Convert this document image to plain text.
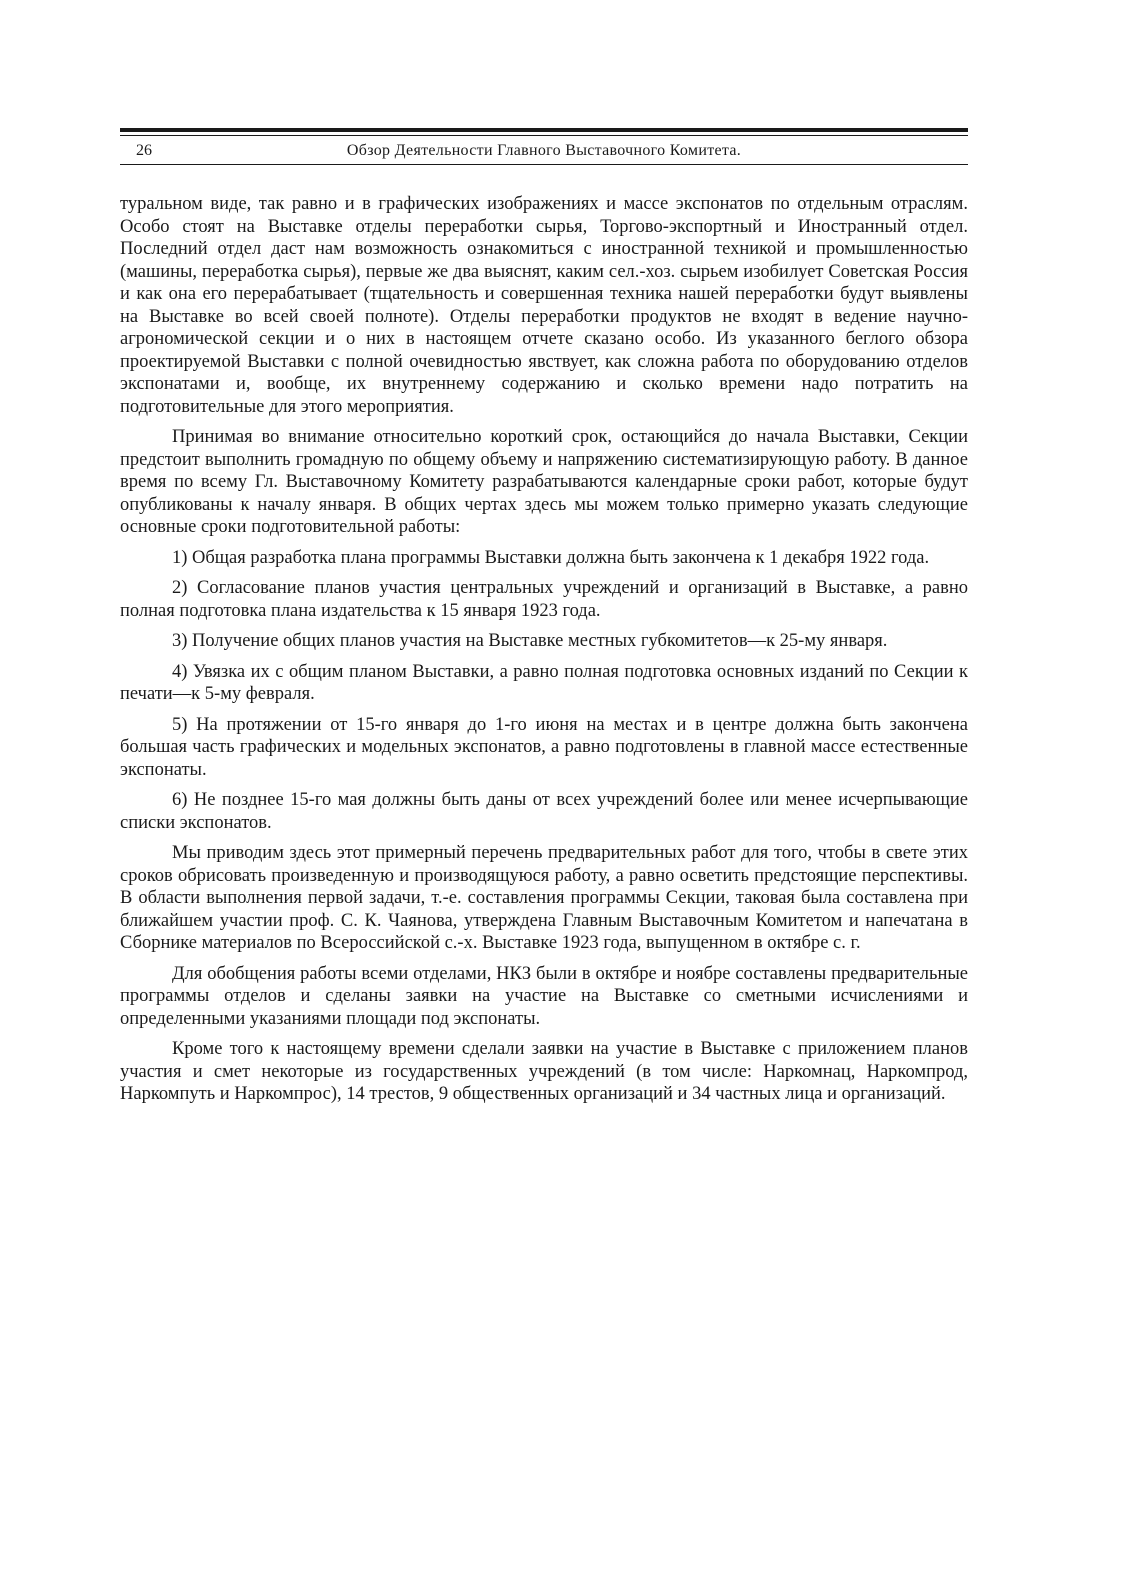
26	Обзор Деятельности Главного Выставочного Комитета.

туральном виде, так равно и в графических изображениях и массе экспонатов по отдельным отраслям. Особо стоят на Выставке отделы переработки сырья, Торгово-экспортный и Иностранный отдел. Последний отдел даст нам возможность ознакомиться с иностранной техникой и промышленностью (машины, переработка сырья), первые же два выяснят, каким сел.-хоз. сырьем изобилует Советская Россия и как она его перерабатывает (тщательность и совершенная техника нашей переработки будут выявлены на Выставке во всей своей полноте). Отделы переработки продуктов не входят в ведение научно-агрономической секции и о них в настоящем отчете сказано особо. Из указанного беглого обзора проектируемой Выставки с полной очевидностью явствует, как сложна работа по оборудованию отделов экспонатами и, вообще, их внутреннему содержанию и сколько времени надо потратить на подготовительные для этого мероприятия.

Принимая во внимание относительно короткий срок, остающийся до начала Выставки, Секции предстоит выполнить громадную по общему объему и напряжению систематизирующую работу. В данное время по всему Гл. Выставочному Комитету разрабатываются календарные сроки работ, которые будут опубликованы к началу января. В общих чертах здесь мы можем только примерно указать следующие основные сроки подготовительной работы:

1) Общая разработка плана программы Выставки должна быть закончена к 1 декабря 1922 года.

2) Согласование планов участия центральных учреждений и организаций в Выставке, а равно полная подготовка плана издательства к 15 января 1923 года.

3) Получение общих планов участия на Выставке местных губкомитетов—к 25-му января.

4) Увязка их с общим планом Выставки, а равно полная подготовка основных изданий по Секции к печати—к 5-му февраля.

5) На протяжении от 15-го января до 1-го июня на местах и в центре должна быть закончена большая часть графических и модельных экспонатов, а равно подготовлены в главной массе естественные экспонаты.

6) Не позднее 15-го мая должны быть даны от всех учреждений более или менее исчерпывающие списки экспонатов.

Мы приводим здесь этот примерный перечень предварительных работ для того, чтобы в свете этих сроков обрисовать произведенную и производящуюся работу, а равно осветить предстоящие перспективы. В области выполнения первой задачи, т.-е. составления программы Секции, таковая была составлена при ближайшем участии проф. С. К. Чаянова, утверждена Главным Выставочным Комитетом и напечатана в Сборнике материалов по Всероссийской с.-х. Выставке 1923 года, выпущенном в октябре с. г.

Для обобщения работы всеми отделами, НКЗ были в октябре и ноябре составлены предварительные программы отделов и сделаны заявки на участие на Выставке со сметными исчислениями и определенными указаниями площади под экспонаты.

Кроме того к настоящему времени сделали заявки на участие в Выставке с приложением планов участия и смет некоторые из государственных учреждений (в том числе: Наркомнац, Наркомпрод, Наркомпуть и Наркомпрос), 14 трестов, 9 общественных организаций и 34 частных лица и организаций.
